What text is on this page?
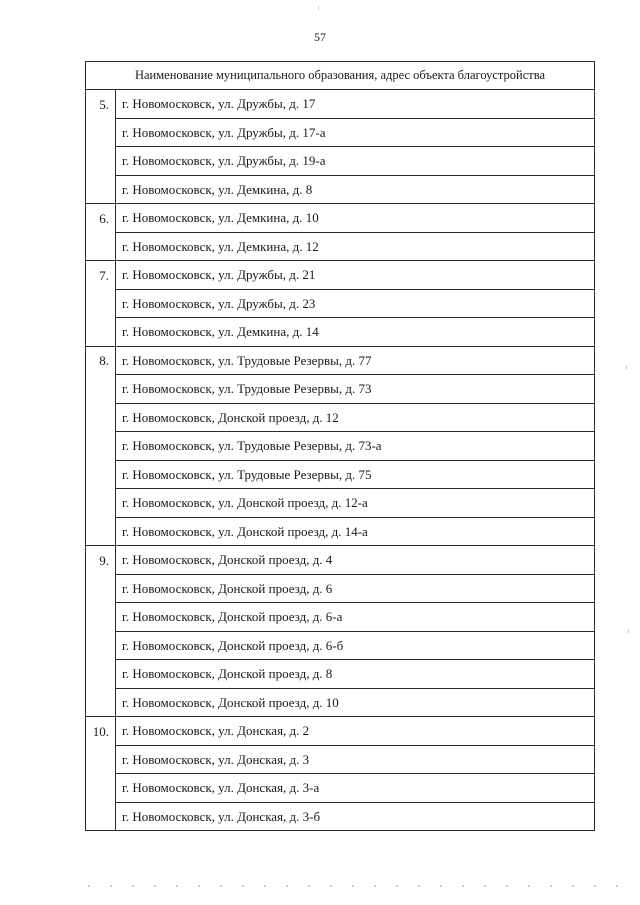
57
Наименование муниципального образования, адрес объекта благоустройства	
5.	г. Новомосковск, ул. Дружбы, д. 17
	г. Новомосковск, ул. Дружбы, д. 17-а
	г. Новомосковск, ул. Дружбы, д. 19-а
	г. Новомосковск, ул. Демкина, д. 8
6.	г. Новомосковск, ул. Демкина, д. 10
	г. Новомосковск, ул. Демкина, д. 12
7.	г. Новомосковск, ул. Дружбы, д. 21
	г. Новомосковск, ул. Дружбы, д. 23
	г. Новомосковск, ул. Демкина, д. 14
8.	г. Новомосковск, ул. Трудовые Резервы, д. 77
	г. Новомосковск, ул. Трудовые Резервы, д. 73
	г. Новомосковск, Донской проезд, д. 12
	г. Новомосковск, ул. Трудовые Резервы, д. 73-а
	г. Новомосковск, ул. Трудовые Резервы, д. 75
	г. Новомосковск, ул. Донской проезд, д. 12-а
	г. Новомосковск, ул. Донской проезд, д. 14-а
9.	г. Новомосковск, Донской проезд, д. 4
	г. Новомосковск, Донской проезд, д. 6
	г. Новомосковск, Донской проезд, д. 6-а
	г. Новомосковск, Донской проезд, д. 6-б
	г. Новомосковск, Донской проезд, д. 8
	г. Новомосковск, Донской проезд, д. 10
10.	г. Новомосковск, ул. Донская, д. 2
	г. Новомосковск, ул. Донская, д. 3
	г. Новомосковск, ул. Донская, д. 3-а
	г. Новомосковск, ул. Донская, д. 3-б
